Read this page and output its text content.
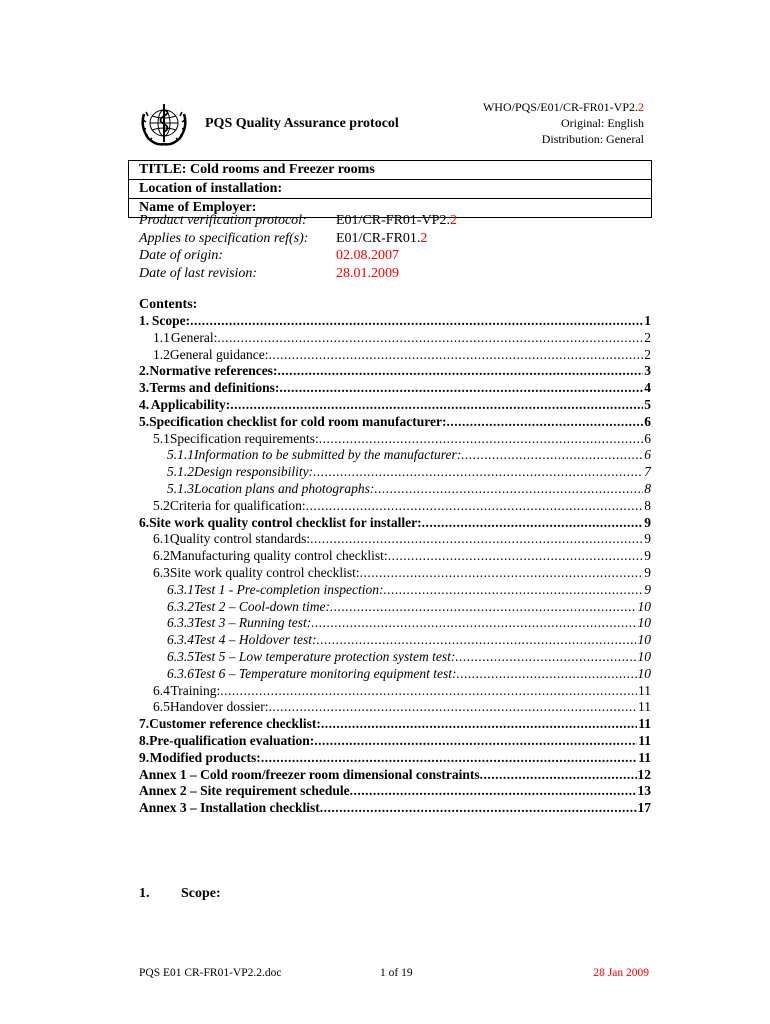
PQS Quality Assurance protocol
WHO/PQS/E01/CR-FR01-VP2.2
Original: English
Distribution: General
TITLE: Cold rooms and Freezer rooms
Location of installation:
Name of Employer:
Product verification protocol: E01/CR-FR01-VP2.2
Applies to specification ref(s): E01/CR-FR01.2
Date of origin:	02.08.2007
Date of last revision:	28.01.2009
Contents:
1. Scope: .....	1
1.1 General: .....	2
1.2 General guidance: .....	2
2. Normative references: .....	3
3. Terms and definitions: .....	4
4. Applicability: .....	5
5. Specification checklist for cold room manufacturer: .....	6
5.1 Specification requirements: .....	6
5.1.1 Information to be submitted by the manufacturer: .....	6
5.1.2 Design responsibility: .....	7
5.1.3 Location plans and photographs: .....	8
5.2 Criteria for qualification: .....	8
6. Site work quality control checklist for installer: .....	9
6.1 Quality control standards: .....	9
6.2 Manufacturing quality control checklist: .....	9
6.3 Site work quality control checklist: .....	9
6.3.1 Test 1 - Pre-completion inspection: .....	9
6.3.2 Test 2 – Cool-down time: .....	10
6.3.3 Test 3 – Running test: .....	10
6.3.4 Test 4 – Holdover test: .....	10
6.3.5 Test 5 – Low temperature protection system test: .....	10
6.3.6 Test 6 – Temperature monitoring equipment test: .....	10
6.4 Training: .....	11
6.5 Handover dossier: .....	11
7. Customer reference checklist: .....	11
8. Pre-qualification evaluation: .....	11
9. Modified products: .....	11
Annex 1 – Cold room/freezer room dimensional constraints .....	12
Annex 2 – Site requirement schedule .....	13
Annex 3 – Installation checklist .....	17
1. Scope:
PQS E01 CR-FR01-VP2.2.doc	1 of 19	28 Jan 2009
